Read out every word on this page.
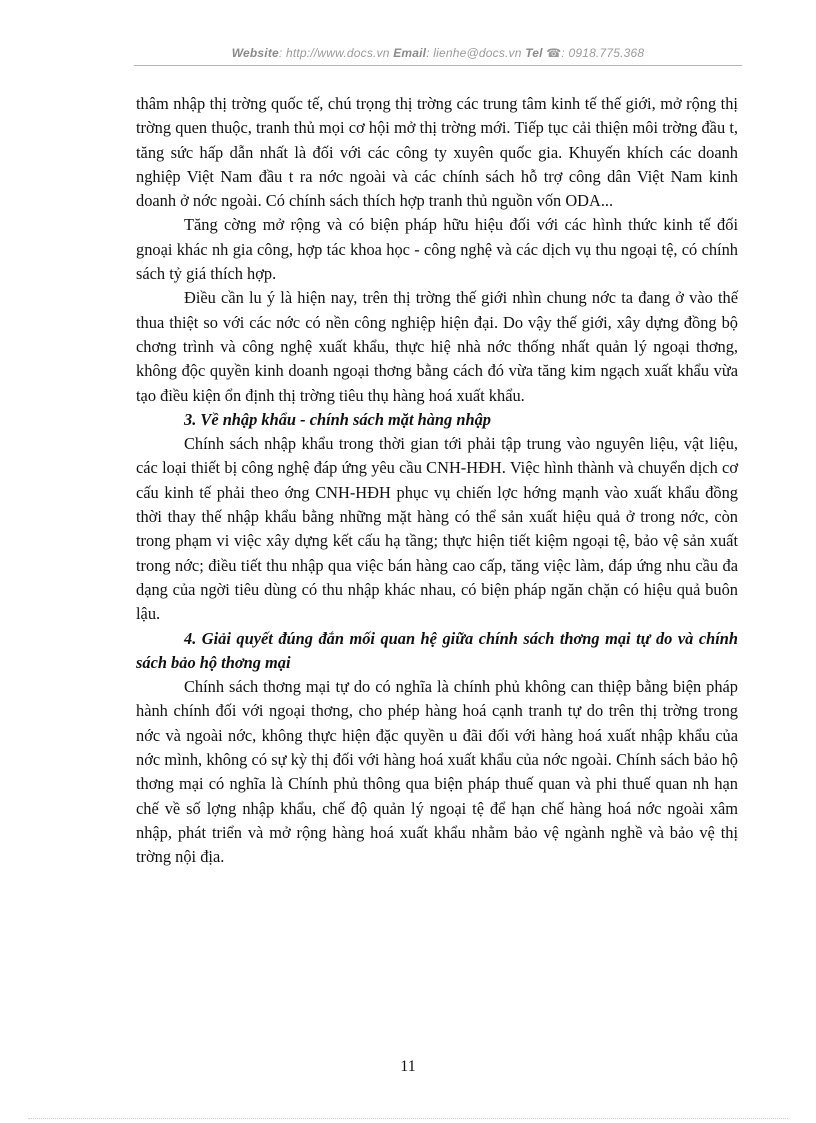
Website: http://www.docs.vn Email: lienhe@docs.vn Tel ☎: 0918.775.368

thâm nhập thị trờng quốc tế, chú trọng thị trờng các trung tâm kinh tế thế giới, mở rộng thị trờng quen thuộc, tranh thủ mọi cơ hội mở thị trờng mới. Tiếp tục cải thiện môi trờng đầu t, tăng sức hấp dẫn nhất là đối với các công ty xuyên quốc gia. Khuyến khích các doanh nghiệp Việt Nam đầu t ra nớc ngoài và các chính sách hỗ trợ công dân Việt Nam kinh doanh ở nớc ngoài. Có chính sách thích hợp tranh thủ nguồn vốn ODA...

Tăng cờng mở rộng và có biện pháp hữu hiệu đối với các hình thức kinh tế đối gnoại khác nh gia công, hợp tác khoa học - công nghệ và các dịch vụ thu ngoại tệ, có chính sách tỷ giá thích hợp.

Điều cần lu ý là hiện nay, trên thị trờng thế giới nhìn chung nớc ta đang ở vào thế thua thiệt so với các nớc có nền công nghiệp hiện đại. Do vậy thế giới, xây dựng đồng bộ chơng trình và công nghệ xuất khẩu, thực hiệ nhà nớc thống nhất quản lý ngoại thơng, không độc quyền kinh doanh ngoại thơng bằng cách đó vừa tăng kim ngạch xuất khẩu vừa tạo điều kiện ổn định thị trờng tiêu thụ hàng hoá xuất khẩu.

3. Về nhập khẩu - chính sách mặt hàng nhập

Chính sách nhập khẩu trong thời gian tới phải tập trung vào nguyên liệu, vật liệu, các loại thiết bị công nghệ đáp ứng yêu cầu CNH-HĐH. Việc hình thành và chuyển dịch cơ cấu kinh tế phải theo ớng CNH-HĐH phục vụ chiến lợc hớng mạnh vào xuất khẩu đồng thời thay thế nhập khẩu bằng những mặt hàng có thể sản xuất hiệu quả ở trong nớc, còn trong phạm vi việc xây dựng kết cấu hạ tầng; thực hiện tiết kiệm ngoại tệ, bảo vệ sản xuất trong nớc; điều tiết thu nhập qua việc bán hàng cao cấp, tăng việc làm, đáp ứng nhu cầu đa dạng của ngời tiêu dùng có thu nhập khác nhau, có biện pháp ngăn chặn có hiệu quả buôn lậu.

4. Giải quyết đúng đắn mối quan hệ giữa chính sách thơng mại tự do và chính sách bảo hộ thơng mại

Chính sách thơng mại tự do có nghĩa là chính phủ không can thiệp bằng biện pháp hành chính đối với ngoại thơng, cho phép hàng hoá cạnh tranh tự do trên thị trờng trong nớc và ngoài nớc, không thực hiện đặc quyền u đãi đối với hàng hoá xuất nhập khẩu của nớc mình, không có sự kỳ thị đối với hàng hoá xuất khẩu của nớc ngoài. Chính sách bảo hộ thơng mại có nghĩa là Chính phủ thông qua biện pháp thuế quan và phi thuế quan nh hạn chế về số lợng nhập khẩu, chế độ quản lý ngoại tệ để hạn chế hàng hoá nớc ngoài xâm nhập, phát triển và mở rộng hàng hoá xuất khẩu nhằm bảo vệ ngành nghề và bảo vệ thị trờng nội địa.

11
